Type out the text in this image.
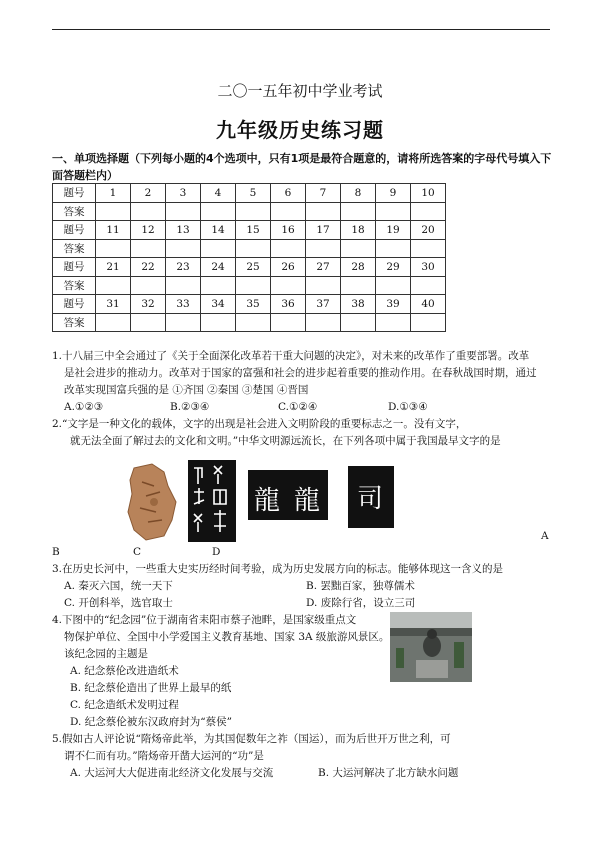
二〇一五年初中学业考试
九年级历史练习题
一、单项选择题（下列每小题的4个选项中，只有1项是最符合题意的，请将所选答案的字母代号填入下面答题栏内）
题号	1	2	3	4	5	6	7	8	9	10
答案										
题号	11	12	13	14	15	16	17	18	19	20
答案										
题号	21	22	23	24	25	26	27	28	29	30
答案										
题号	31	32	33	34	35	36	37	38	39	40
答案										
1.十八届三中全会通过了《关于全面深化改革若干重大问题的决定》，对未来的改革作了重要部署。改革
是社会进步的推动力。改革对于国家的富强和社会的进步起着重要的推动作用。在春秋战国时期，通过
改革实现国富兵强的是 ①齐国 ②秦国 ③楚国 ④晋国
A.①②③	B.②③④	C.①②④	D.①③④
2.“文字是一种文化的载体，文字的出现是社会进入文明阶段的重要标志之一。没有文字，
就无法全面了解过去的文化和文明。”中华文明源远流长，在下列各项中属于我国最早文字的是
龍 龍 司
A
B	C	D
3.在历史长河中，一些重大史实历经时间考验，成为历史发展方向的标志。能够体现这一含义的是
A. 秦灭六国，统一天下	B. 罢黜百家，独尊儒术
C. 开创科举，选官取士	D. 废除行省，设立三司
4.下图中的“纪念园”位于湖南省耒阳市蔡子池畔，是国家级重点文
物保护单位、全国中小学爱国主义教育基地、国家 3A 级旅游风景区。
该纪念园的主题是
A. 纪念蔡伦改进造纸术
B. 纪念蔡伦造出了世界上最早的纸
C. 纪念造纸术发明过程
D. 纪念蔡伦被东汉政府封为“蔡侯”
5.假如古人评论说“隋炀帝此举，为其国促数年之祚（国运），而为后世开万世之利，可
谓不仁而有功。”隋炀帝开凿大运河的“功”是
A. 大运河大大促进南北经济文化发展与交流	B. 大运河解决了北方缺水问题
